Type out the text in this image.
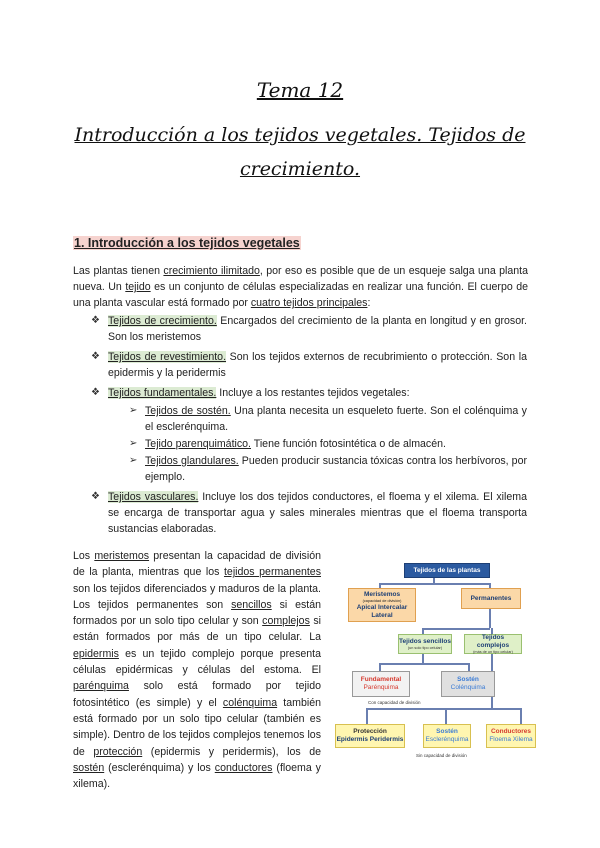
Tema 12
Introducción a los tejidos vegetales. Tejidos de
crecimiento.
1. Introducción a los tejidos vegetales
Las plantas tienen crecimiento ilimitado, por eso es posible que de un esqueje salga una planta nueva. Un tejido es un conjunto de células especializadas en realizar una función. El cuerpo de una planta vascular está formado por cuatro tejidos principales:
❖ Tejidos de crecimiento. Encargados del crecimiento de la planta en longitud y en grosor. Son los meristemos
❖ Tejidos de revestimiento. Son los tejidos externos de recubrimiento o protección. Son la epidermis y la peridermis
❖ Tejidos fundamentales. Incluye a los restantes tejidos vegetales:
➢ Tejidos de sostén. Una planta necesita un esqueleto fuerte. Son el colénquima y el esclerénquima.
➢ Tejido parenquimático. Tiene función fotosintética o de almacén.
➢ Tejidos glandulares. Pueden producir sustancia tóxicas contra los herbívoros, por ejemplo.
❖ Tejidos vasculares. Incluye los dos tejidos conductores, el floema y el xilema. El xilema se encarga de transportar agua y sales minerales mientras que el floema transporta sustancias elaboradas.
Los meristemos presentan la capacidad de división de la planta, mientras que los tejidos permanentes son los tejidos diferenciados y maduros de la planta. Los tejidos permanentes son sencillos si están formados por un solo tipo celular y son complejos si están formados por más de un tipo celular. La epidermis es un tejido complejo porque presenta células epidérmicas y células del estoma. El parénquima solo está formado por tejido fotosintético (es simple) y el colénquima también está formado por un solo tipo celular (también es simple). Dentro de los tejidos complejos tenemos los de protección (epidermis y peridermis), los de sostén (esclerénquima) y los conductores (floema y xilema).
Tejidos de las plantas
Meristemos
(capacidad de división)
Apical Intercalar Lateral
Permanentes
Tejidos sencillos
(un solo tipo celular)
Tejidos complejos
(más de un tipo celular)
Fundamental
Parénquima
Sostén
Colénquima
Con capacidad de división
Protección
Epidermis Peridermis
Sostén
Esclerénquima
Conductores
Floema Xilema
Sin capacidad de división
